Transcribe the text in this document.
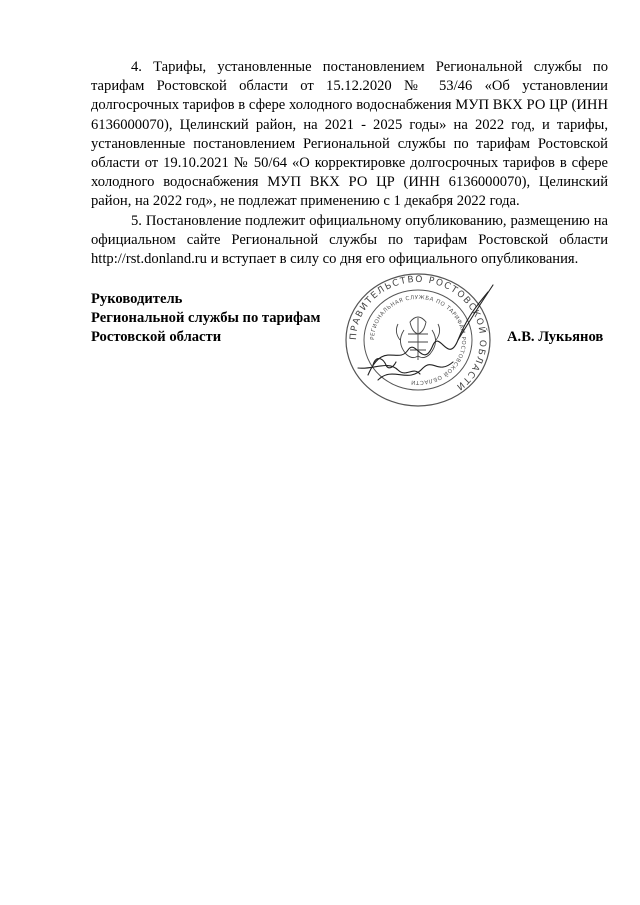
4. Тарифы, установленные постановлением Региональной службы по тарифам Ростовской области от 15.12.2020 № 53/46 «Об установлении долгосрочных тарифов в сфере холодного водоснабжения МУП ВКХ РО ЦР (ИНН 6136000070), Целинский район, на 2021 - 2025 годы» на 2022 год, и тарифы, установленные постановлением Региональной службы по тарифам Ростовской области от 19.10.2021 № 50/64 «О корректировке долгосрочных тарифов в сфере холодного водоснабжения МУП ВКХ РО ЦР (ИНН 6136000070), Целинский район, на 2022 год», не подлежат применению с 1 декабря 2022 года.

5. Постановление подлежит официальному опубликованию, размещению на официальном сайте Региональной службы по тарифам Ростовской области http://rst.donland.ru и вступает в силу со дня его официального опубликования.

ПРАВИТЕЛЬСТВО РОСТОВСКОЙ ОБЛАСТИ
РЕГИОНАЛЬНАЯ СЛУЖБА ПО ТАРИФАМ РОСТОВСКОЙ ОБЛАСТИ
Руководитель
Региональной службы по тарифам
Ростовской области	А.В. Лукьянов
